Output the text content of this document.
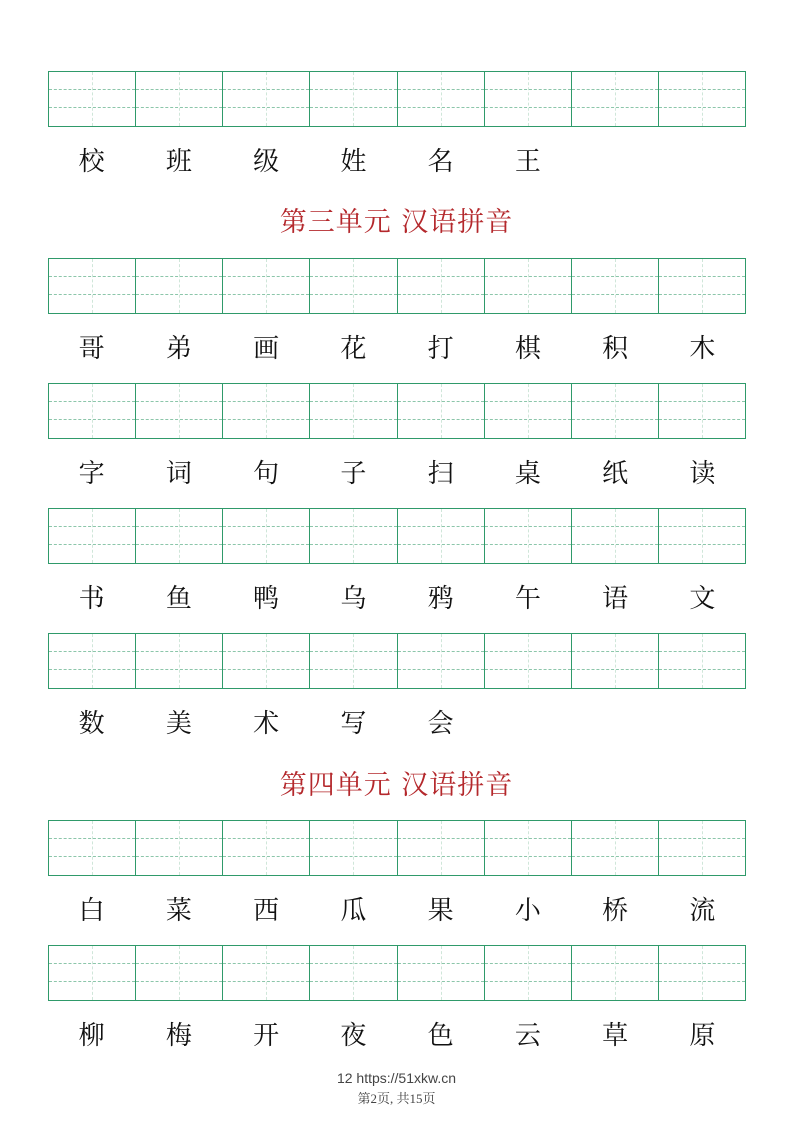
校	班	级	姓	名	王
第三单元 汉语拼音
哥	弟	画	花	打	棋	积	木
字	词	句	子	扫	桌	纸	读
书	鱼	鸭	乌	鸦	午	语	文
数	美	术	写	会
第四单元 汉语拼音
白	菜	西	瓜	果	小	桥	流
柳	梅	开	夜	色	云	草	原
12 https://51xkw.cn
第2页, 共15页
